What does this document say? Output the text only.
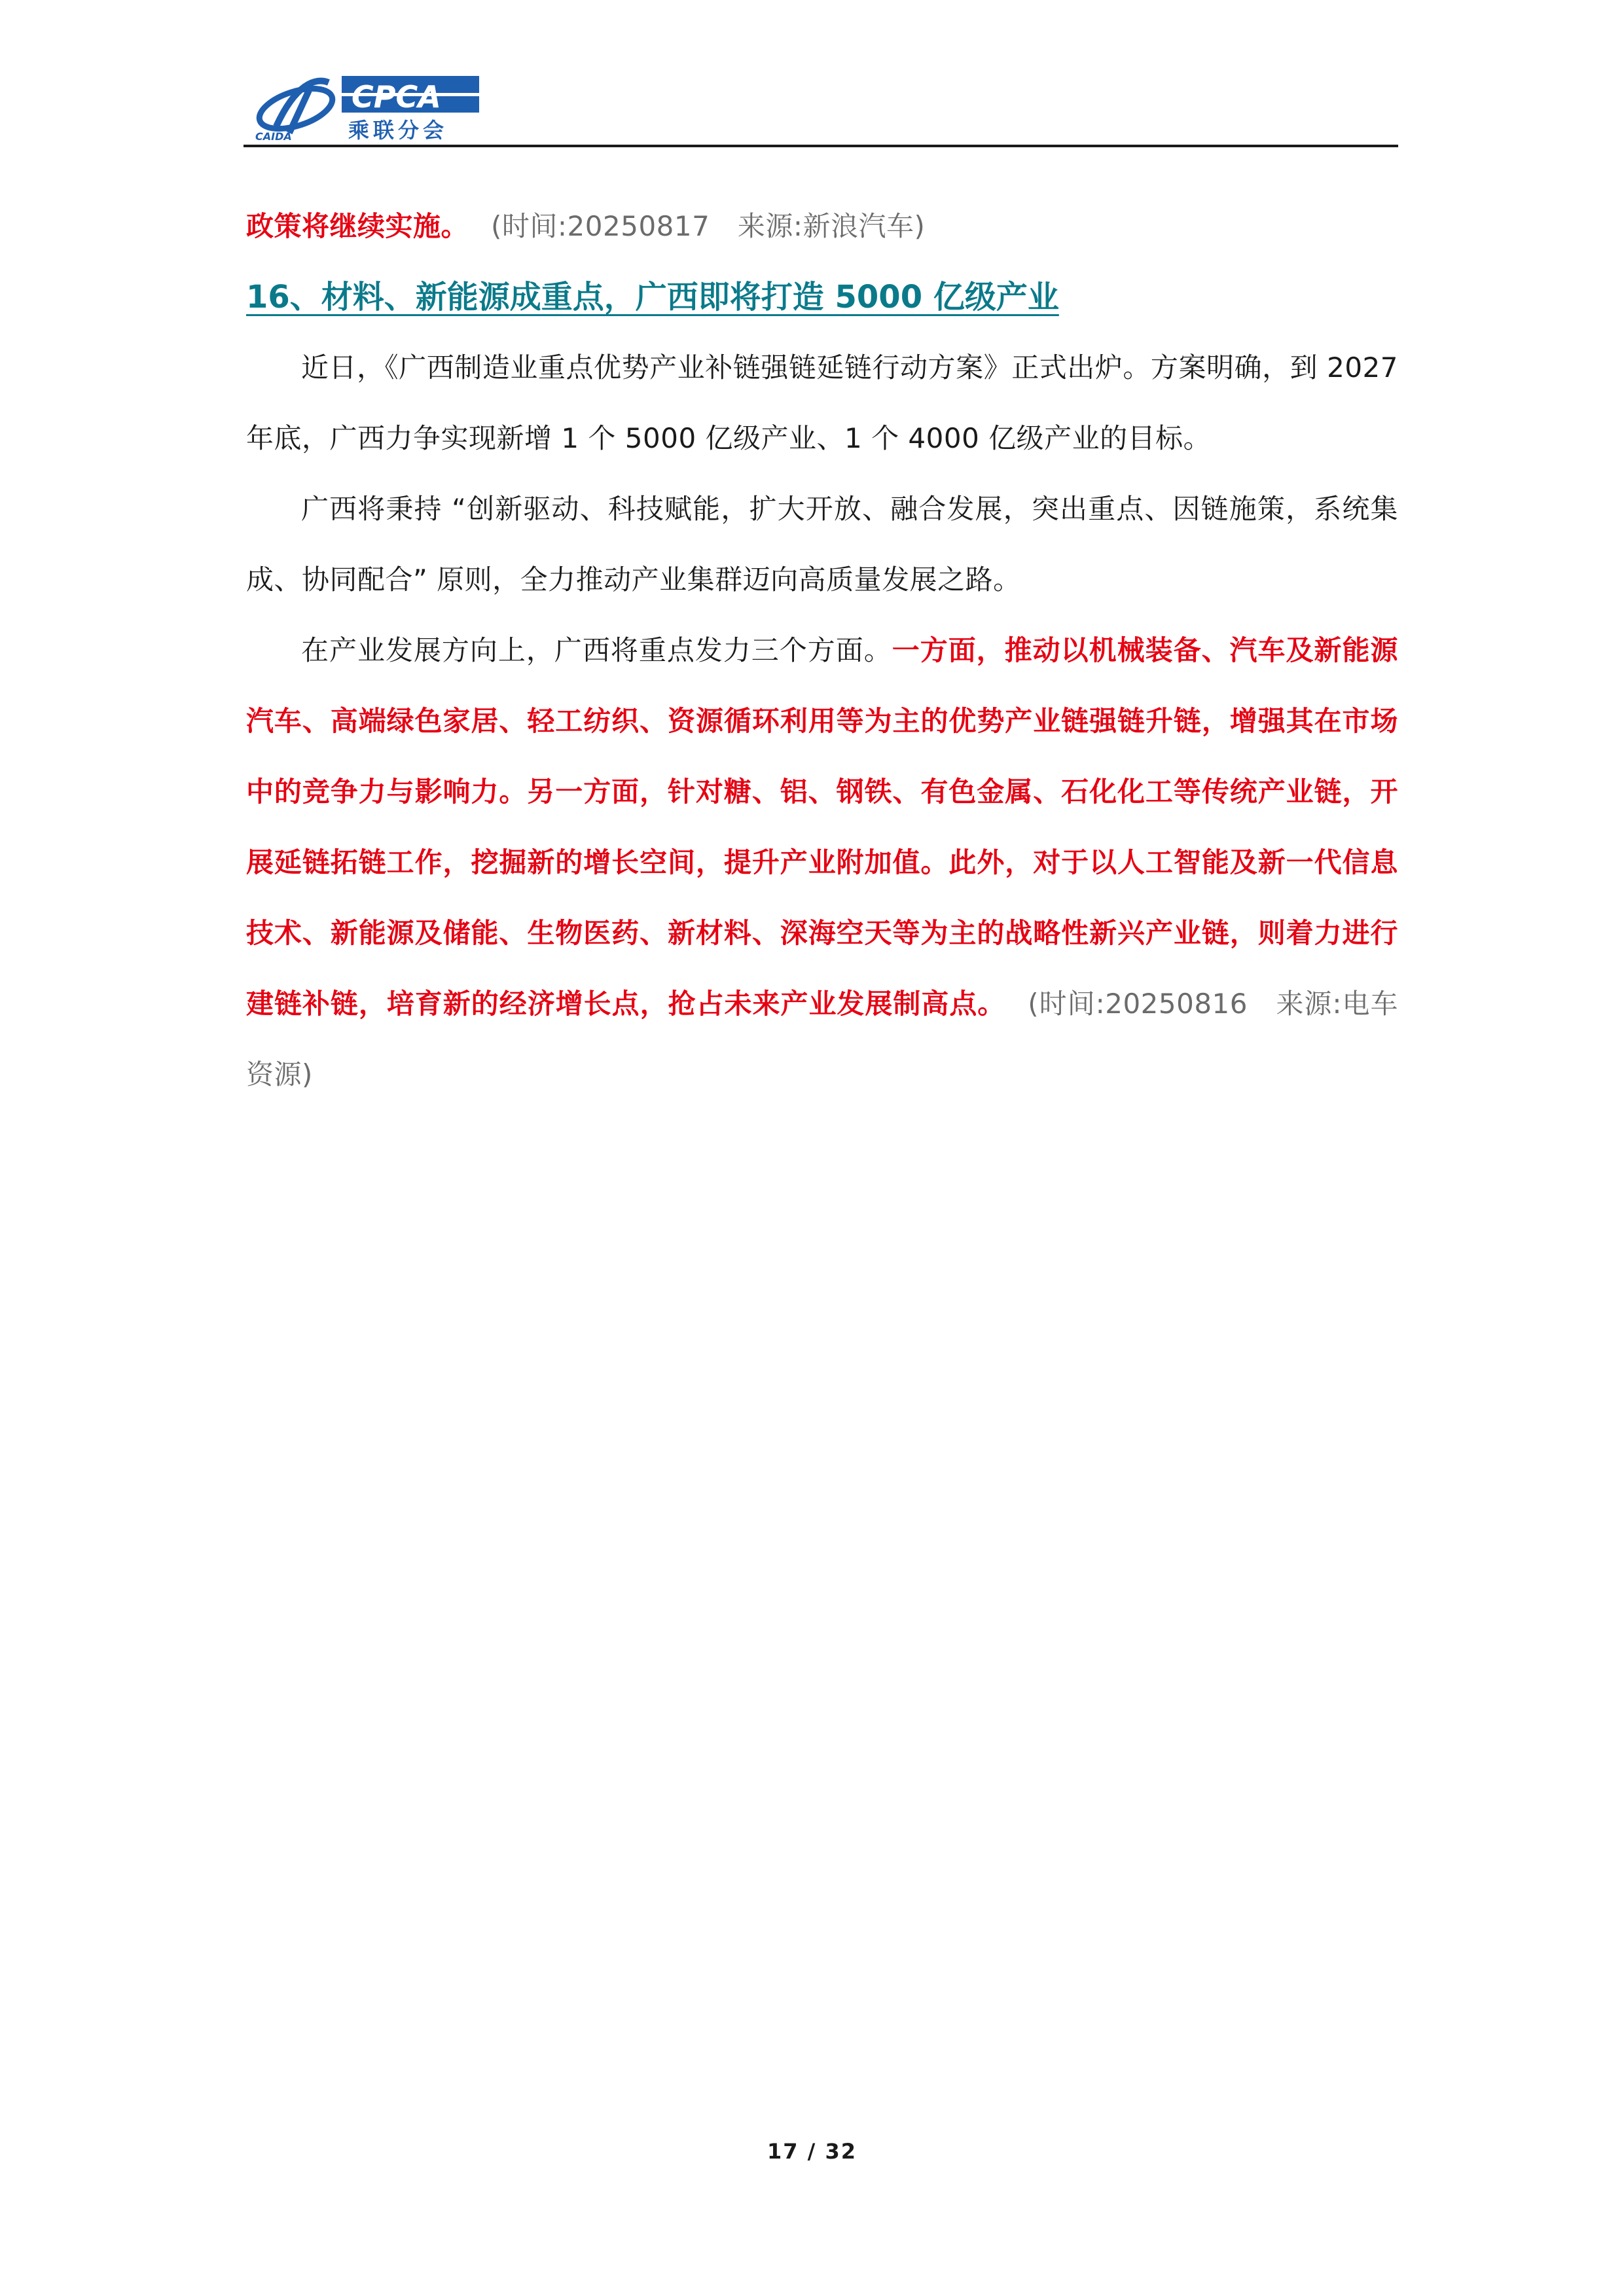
CAIDA
CPCA
乘联分会

政策将继续实施。 (时间:20250817　来源:新浪汽车)

16、材料、新能源成重点，广西即将打造 5000 亿级产业

近日，《广西制造业重点优势产业补链强链延链行动方案》正式出炉。方案明确，到 2027 年底，广西力争实现新增 1 个 5000 亿级产业、1 个 4000 亿级产业的目标。

广西将秉持 “创新驱动、科技赋能，扩大开放、融合发展，突出重点、因链施策，系统集成、协同配合” 原则，全力推动产业集群迈向高质量发展之路。

在产业发展方向上，广西将重点发力三个方面。一方面，推动以机械装备、汽车及新能源汽车、高端绿色家居、轻工纺织、资源循环利用等为主的优势产业链强链升链，增强其在市场中的竞争力与影响力。另一方面，针对糖、铝、钢铁、有色金属、石化化工等传统产业链，开展延链拓链工作，挖掘新的增长空间，提升产业附加值。此外，对于以人工智能及新一代信息技术、新能源及储能、生物医药、新材料、深海空天等为主的战略性新兴产业链，则着力进行建链补链，培育新的经济增长点，抢占未来产业发展制高点。 (时间:20250816　来源:电车资源)

17 / 32
